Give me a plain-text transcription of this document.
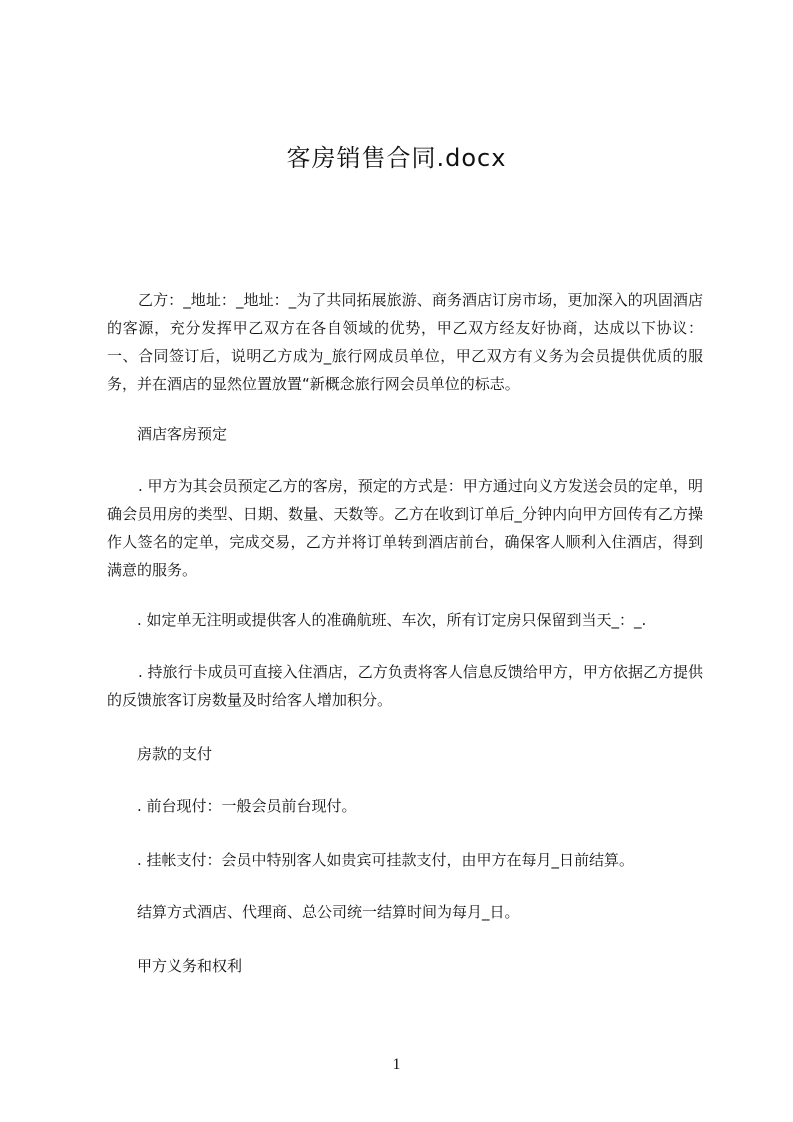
客房销售合同.docx

乙方：_地址：_地址：_为了共同拓展旅游、商务酒店订房市场，更加深入的巩固酒店的客源，充分发挥甲乙双方在各自领域的优势，甲乙双方经友好协商，达成以下协议：一、合同签订后，说明乙方成为_旅行网成员单位，甲乙双方有义务为会员提供优质的服务，并在酒店的显然位置放置“新概念旅行网会员单位的标志。

酒店客房预定

. 甲方为其会员预定乙方的客房，预定的方式是：甲方通过向义方发送会员的定单，明确会员用房的类型、日期、数量、天数等。乙方在收到订单后_分钟内向甲方回传有乙方操作人签名的定单，完成交易，乙方并将订单转到酒店前台，确保客人顺利入住酒店，得到满意的服务。

. 如定单无注明或提供客人的准确航班、车次，所有订定房只保留到当天_：_.

. 持旅行卡成员可直接入住酒店，乙方负责将客人信息反馈给甲方，甲方依据乙方提供的反馈旅客订房数量及时给客人增加积分。

房款的支付

. 前台现付：一般会员前台现付。

. 挂帐支付：会员中特别客人如贵宾可挂款支付，由甲方在每月_日前结算。

结算方式酒店、代理商、总公司统一结算时间为每月_日。

甲方义务和权利

1
